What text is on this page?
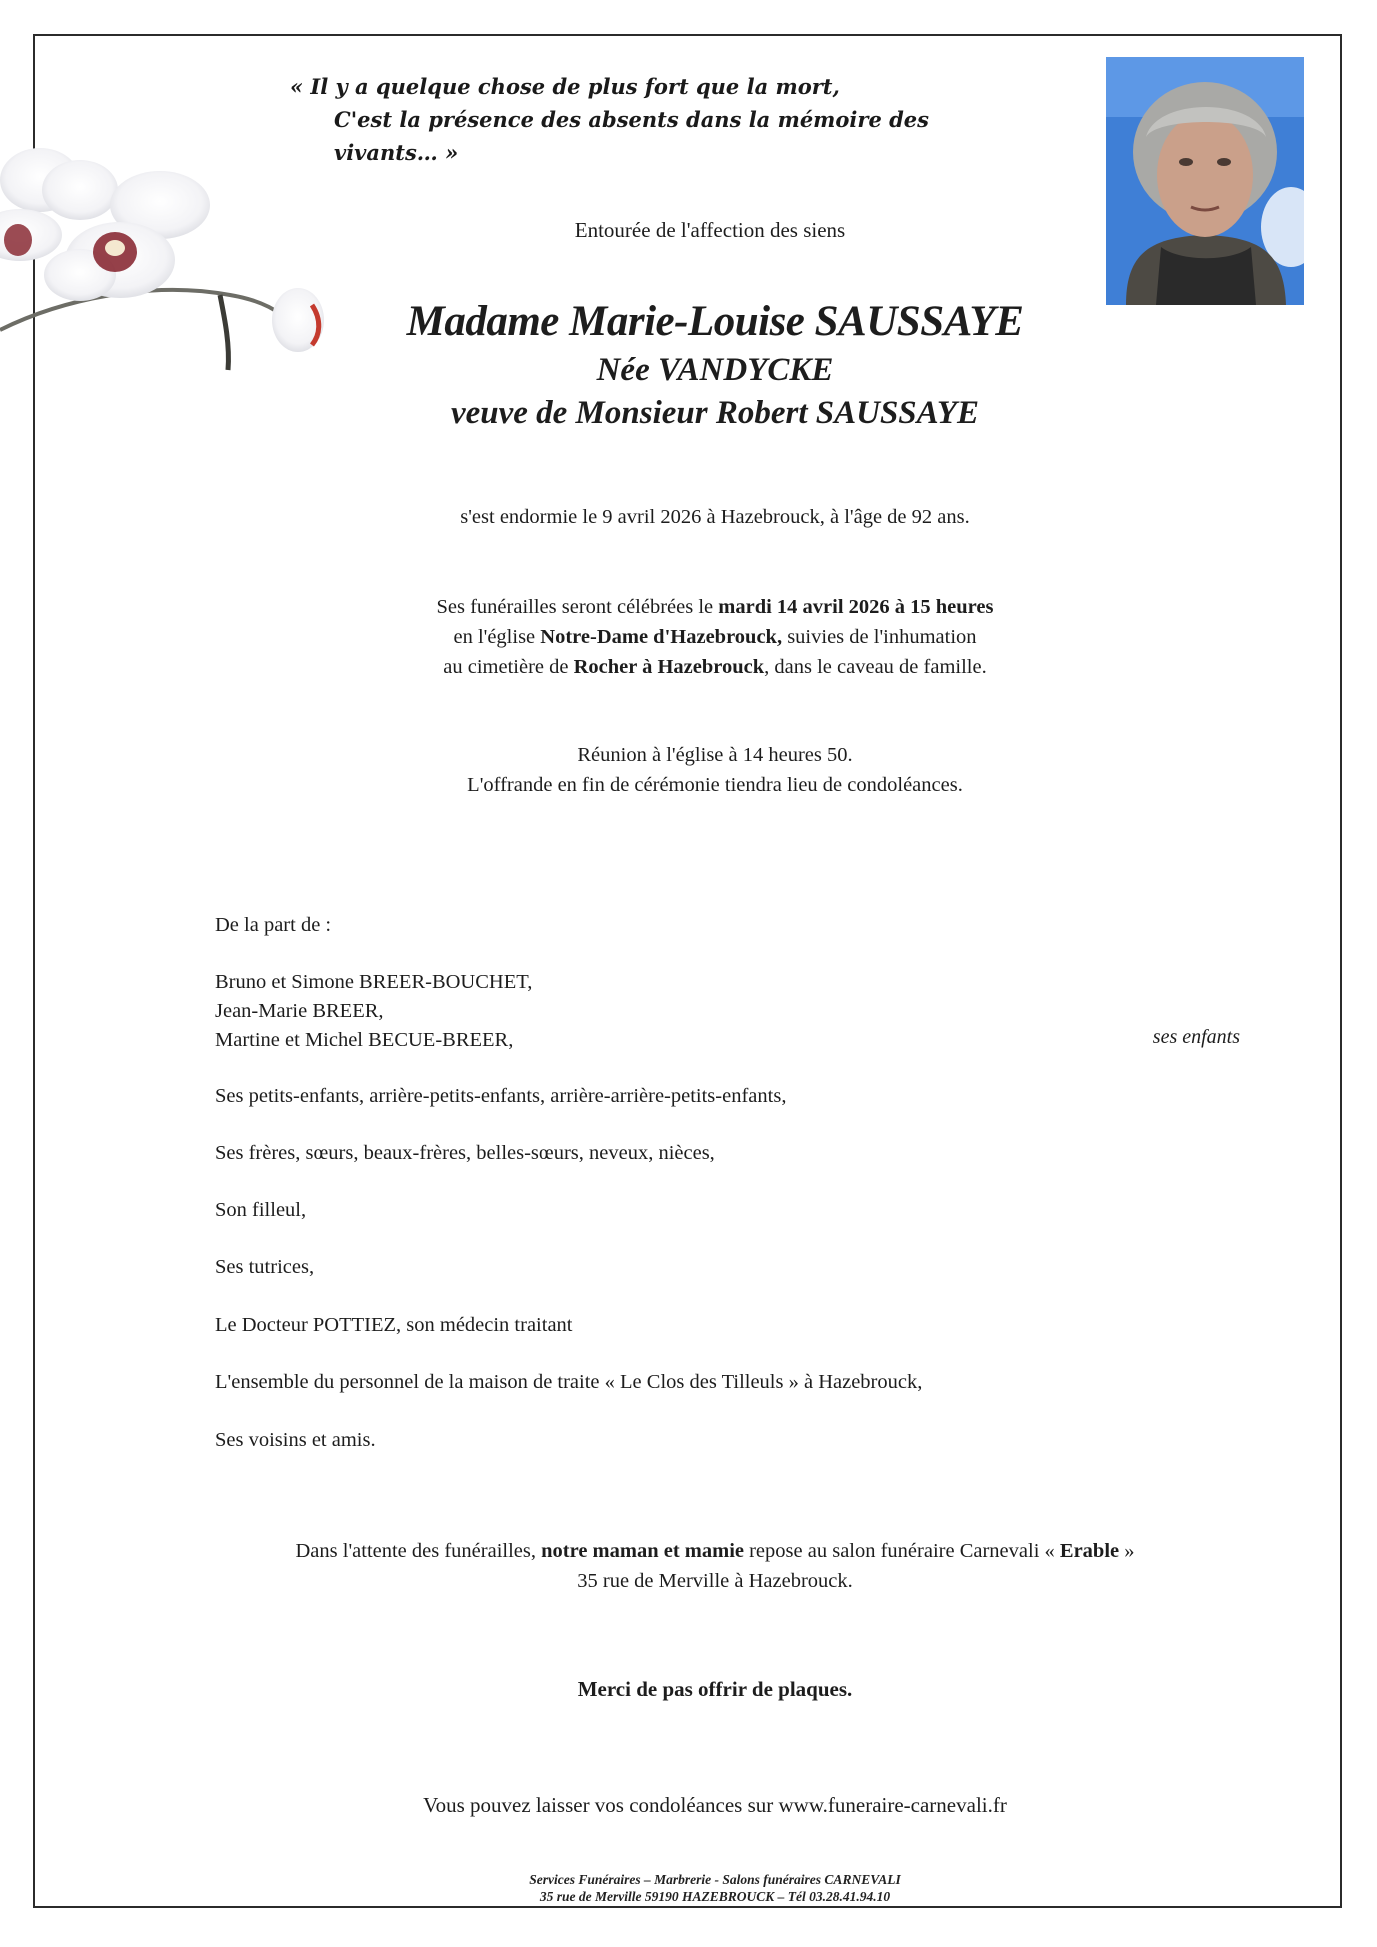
« Il y a quelque chose de plus fort que la mort,
C'est la présence des absents dans la mémoire des vivants… »
Entourée de l'affection des siens
Madame Marie-Louise SAUSSAYE
Née VANDYCKE
veuve de Monsieur Robert SAUSSAYE
s'est endormie le 9 avril 2026 à Hazebrouck, à l'âge de 92 ans.
Ses funérailles seront célébrées le mardi 14 avril 2026 à 15 heures
en l'église Notre-Dame d'Hazebrouck, suivies de l'inhumation
au cimetière de Rocher à Hazebrouck, dans le caveau de famille.
Réunion à l'église à 14 heures 50.
L'offrande en fin de cérémonie tiendra lieu de condoléances.
De la part de :
Bruno et Simone BREER-BOUCHET,
Jean-Marie BREER,
Martine et Michel BECUE-BREER,	ses enfants
Ses petits-enfants, arrière-petits-enfants, arrière-arrière-petits-enfants,
Ses frères, sœurs, beaux-frères, belles-sœurs, neveux, nièces,
Son filleul,
Ses tutrices,
Le Docteur POTTIEZ, son médecin traitant
L'ensemble du personnel de la maison de traite « Le Clos des Tilleuls » à Hazebrouck,
Ses voisins et amis.
Dans l'attente des funérailles, notre maman et mamie repose au salon funéraire Carnevali « Erable »
35 rue de Merville à Hazebrouck.
Merci de pas offrir de plaques.
Vous pouvez laisser vos condoléances sur www.funeraire-carnevali.fr
Services Funéraires – Marbrerie - Salons funéraires CARNEVALI
35 rue de Merville 59190 HAZEBROUCK – Tél 03.28.41.94.10
